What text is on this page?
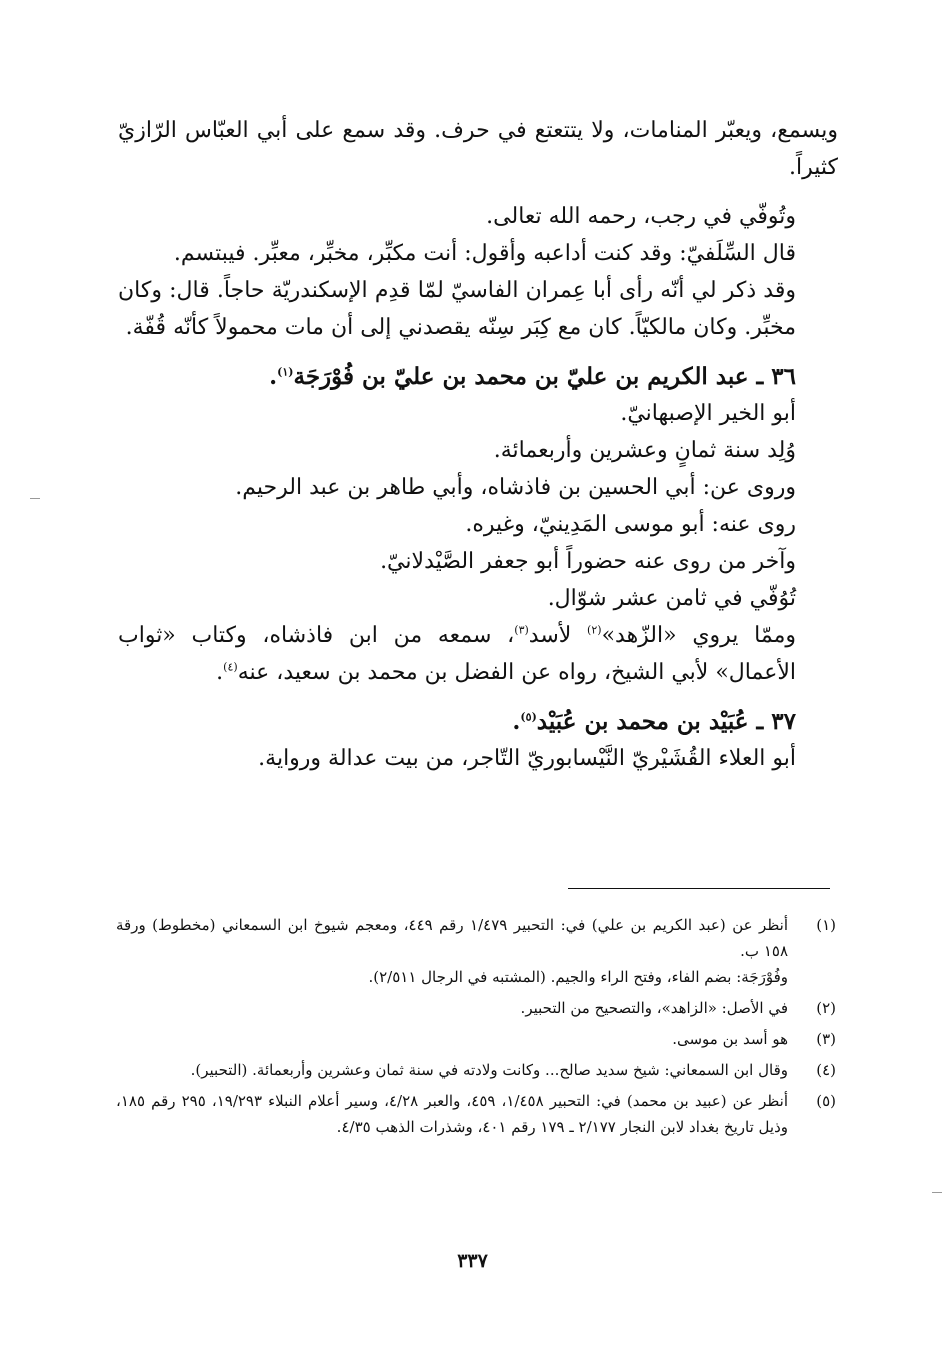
ويسمع، ويعبّر المنامات، ولا يتتعتع في حرف. وقد سمع على أبي العبّاس الرّازيّ كثيراً.

وتُوفّي في رجب، رحمه الله تعالى.

قال السِّلَفيّ: وقد كنت أداعبه وأقول: أنت مكبِّر، مخبِّر، معبِّر. فيبتسم.

وقد ذكر لي أنّه رأى أبا عِمران الفاسيّ لمّا قدِم الإسكندريّة حاجاً. قال: وكان مخبِّر. وكان مالكيّاً. كان مع كِبَر سِنّه يقصدني إلى أن مات محمولاً كأنّه قُفّة.

٣٦ ـ عبد الكريم بن عليّ بن محمد بن عليّ بن فُوْرَجَة$^{(١)}$.

أبو الخير الإصبهانيّ.

وُلِد سنة ثمانٍ وعشرين وأربعمائة.

وروى عن: أبي الحسين بن فاذشاه، وأبي طاهر بن عبد الرحيم.

روى عنه: أبو موسى المَدِينيّ، وغيره.

وآخر من روى عنه حضوراً أبو جعفر الصَّيْدلانيّ.

تُوُفّي في ثامن عشر شوّال.

وممّا يروي «الزّهد»$^{(٢)}$ لأسد$^{(٣)}$، سمعه من ابن فاذشاه، وكتاب «ثواب الأعمال» لأبي الشيخ، رواه عن الفضل بن محمد بن سعيد، عنه$^{(٤)}$.

٣٧ ـ عُبَيْد بن محمد بن عُبَيْد$^{(٥)}$.

أبو العلاء القُشَيْريّ النَّيْسابوريّ التّاجر، من بيت عدالة ورواية.

(١)
أنظر عن (عبد الكريم بن علي) في: التحبير ١/٤٧٩ رقم ٤٤٩، ومعجم شيوخ ابن السمعاني (مخطوط) ورقة ١٥٨ ب.
وفُوْرَجَة: بضم الفاء، وفتح الراء والجيم. (المشتبه في الرجال ٢/٥١١).
(٢)
في الأصل: «الزاهد»، والتصحيح من التحبير.
(٣)
هو أسد بن موسى.
(٤)
وقال ابن السمعاني: شيخ سديد صالح... وكانت ولادته في سنة ثمان وعشرين وأربعمائة. (التحبير).
(٥)
أنظر عن (عبيد بن محمد) في: التحبير ١/٤٥٨، ٤٥٩، والعبر ٤/٢٨، وسير أعلام النبلاء ١٩/٢٩٣، ٢٩٥ رقم ١٨٥، وذيل تاريخ بغداد لابن النجار ٢/١٧٧ ـ ١٧٩ رقم ٤٠١، وشذرات الذهب ٤/٣٥.
٣٣٧
